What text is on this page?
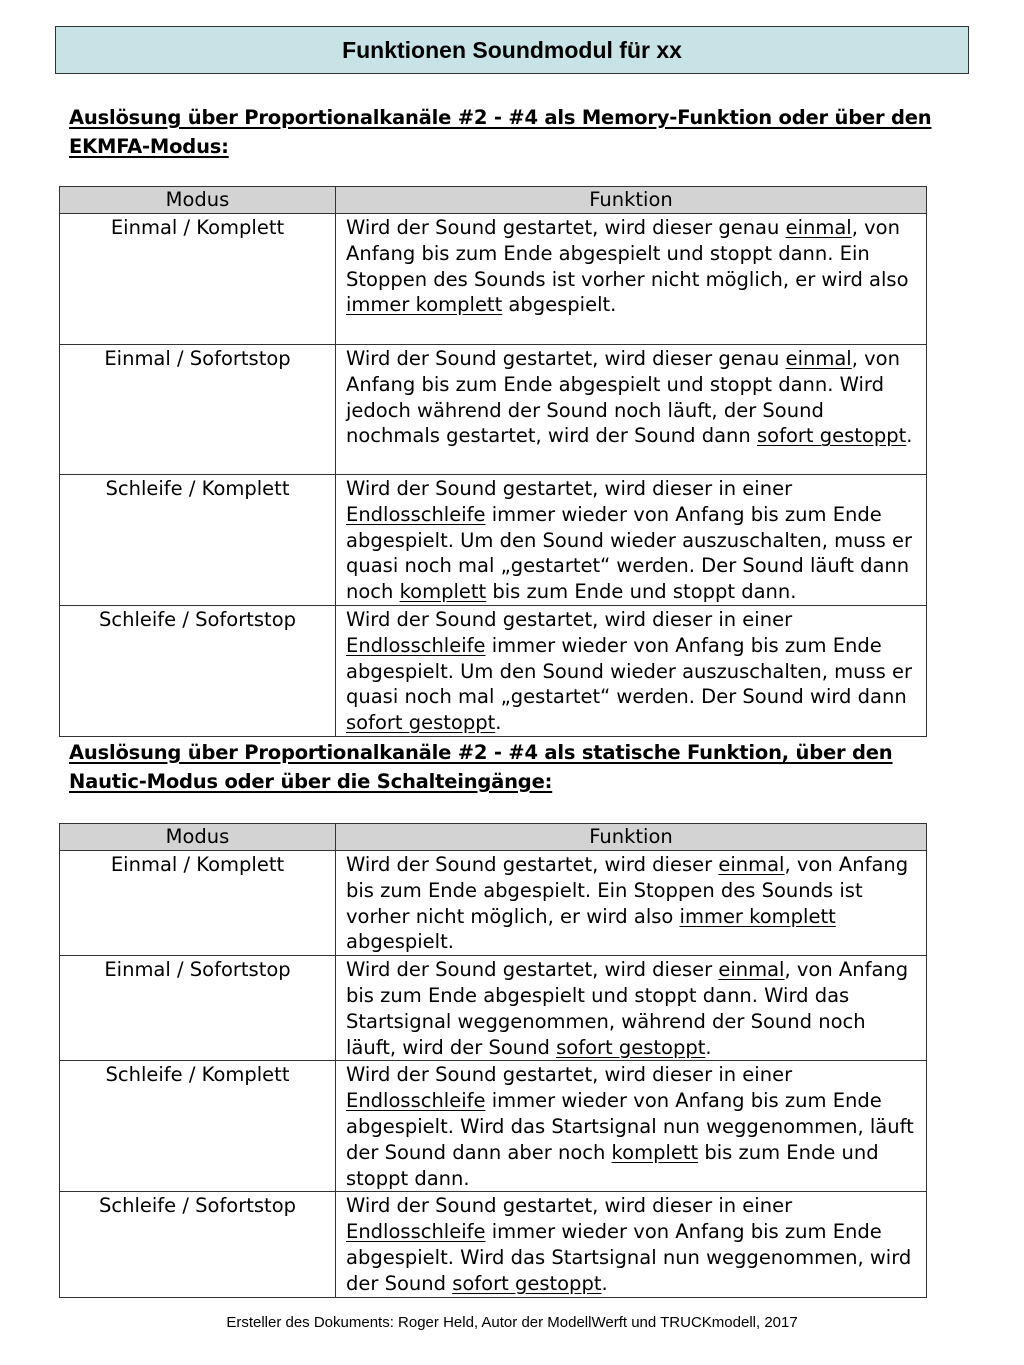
Funktionen Soundmodul für xx
Auslösung über Proportionalkanäle #2 - #4 als Memory-Funktion oder über den
EKMFA-Modus:
Modus	Funktion
Einmal / Komplett	Wird der Sound gestartet, wird dieser genau einmal, von Anfang bis zum Ende abgespielt und stoppt dann. Ein Stoppen des Sounds ist vorher nicht möglich, er wird also immer komplett abgespielt.
Einmal / Sofortstop	Wird der Sound gestartet, wird dieser genau einmal, von Anfang bis zum Ende abgespielt und stoppt dann. Wird jedoch während der Sound noch läuft, der Sound nochmals gestartet, wird der Sound dann sofort gestoppt.
Schleife / Komplett	Wird der Sound gestartet, wird dieser in einer Endlosschleife immer wieder von Anfang bis zum Ende abgespielt. Um den Sound wieder auszuschalten, muss er quasi noch mal „gestartet“ werden. Der Sound läuft dann noch komplett bis zum Ende und stoppt dann.
Schleife / Sofortstop	Wird der Sound gestartet, wird dieser in einer Endlosschleife immer wieder von Anfang bis zum Ende abgespielt. Um den Sound wieder auszuschalten, muss er quasi noch mal „gestartet“ werden. Der Sound wird dann sofort gestoppt.
Auslösung über Proportionalkanäle #2 - #4 als statische Funktion, über den
Nautic-Modus oder über die Schalteingänge:
Modus	Funktion
Einmal / Komplett	Wird der Sound gestartet, wird dieser einmal, von Anfang bis zum Ende abgespielt. Ein Stoppen des Sounds ist vorher nicht möglich, er wird also immer komplett abgespielt.
Einmal / Sofortstop	Wird der Sound gestartet, wird dieser einmal, von Anfang bis zum Ende abgespielt und stoppt dann. Wird das Startsignal weggenommen, während der Sound noch läuft, wird der Sound sofort gestoppt.
Schleife / Komplett	Wird der Sound gestartet, wird dieser in einer Endlosschleife immer wieder von Anfang bis zum Ende abgespielt. Wird das Startsignal nun weggenommen, läuft der Sound dann aber noch komplett bis zum Ende und stoppt dann.
Schleife / Sofortstop	Wird der Sound gestartet, wird dieser in einer Endlosschleife immer wieder von Anfang bis zum Ende abgespielt. Wird das Startsignal nun weggenommen, wird der Sound sofort gestoppt.
Ersteller des Dokuments: Roger Held, Autor der ModellWerft und TRUCKmodell, 2017
